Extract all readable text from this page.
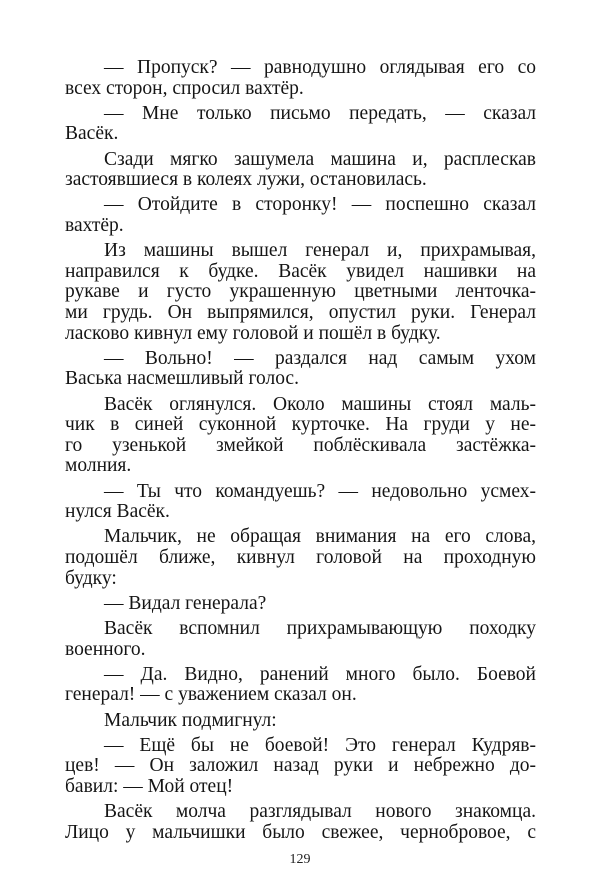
— Пропуск? — равнодушно оглядывая его со
всех сторон, спросил вахтёр.
— Мне только письмо передать, — сказал
Васёк.
Сзади мягко зашумела машина и, расплескав
застоявшиеся в колеях лужи, остановилась.
— Отойдите в сторонку! — поспешно сказал
вахтёр.
Из машины вышел генерал и, прихрамывая,
направился к будке. Васёк увидел нашивки на
рукаве и густо украшенную цветными ленточка-
ми грудь. Он выпрямился, опустил руки. Генерал
ласково кивнул ему головой и пошёл в будку.
— Вольно! — раздался над самым ухом
Васька насмешливый голос.
Васёк оглянулся. Около машины стоял маль-
чик в синей суконной курточке. На груди у не-
го узенькой змейкой поблёскивала застёжка-
молния.
— Ты что командуешь? — недовольно усмех-
нулся Васёк.
Мальчик, не обращая внимания на его слова,
подошёл ближе, кивнул головой на проходную
будку:
— Видал генерала?
Васёк вспомнил прихрамывающую походку
военного.
— Да. Видно, ранений много было. Боевой
генерал! — с уважением сказал он.
Мальчик подмигнул:
— Ещё бы не боевой! Это генерал Кудряв-
цев! — Он заложил назад руки и небрежно до-
бавил: — Мой отец!
Васёк молча разглядывал нового знакомца.
Лицо у мальчишки было свежее, чернобровое, с
129
